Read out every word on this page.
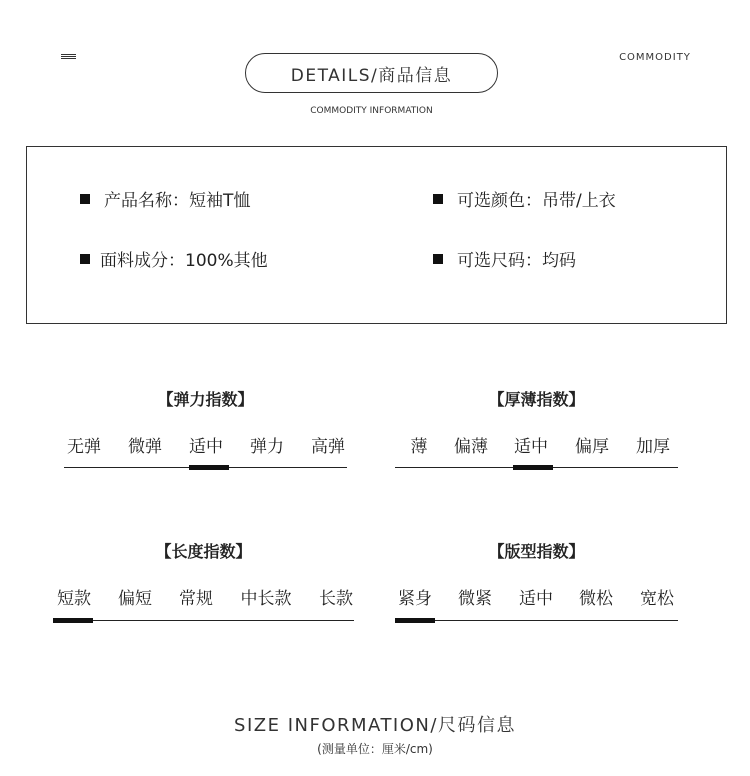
COMMODITY
DETAILS/商品信息
COMMODITY INFORMATION
产品名称：短袖T恤	可选颜色：吊带/上衣
面料成分：100%其他	可选尺码：均码
【弹力指数】
无弹	微弹	适中	弹力	高弹
【厚薄指数】
薄	偏薄	适中	偏厚	加厚
【长度指数】
短款	偏短	常规	中长款	长款
【版型指数】
紧身	微紧	适中	微松	宽松
SIZE INFORMATION/尺码信息
(测量单位：厘米/cm)
